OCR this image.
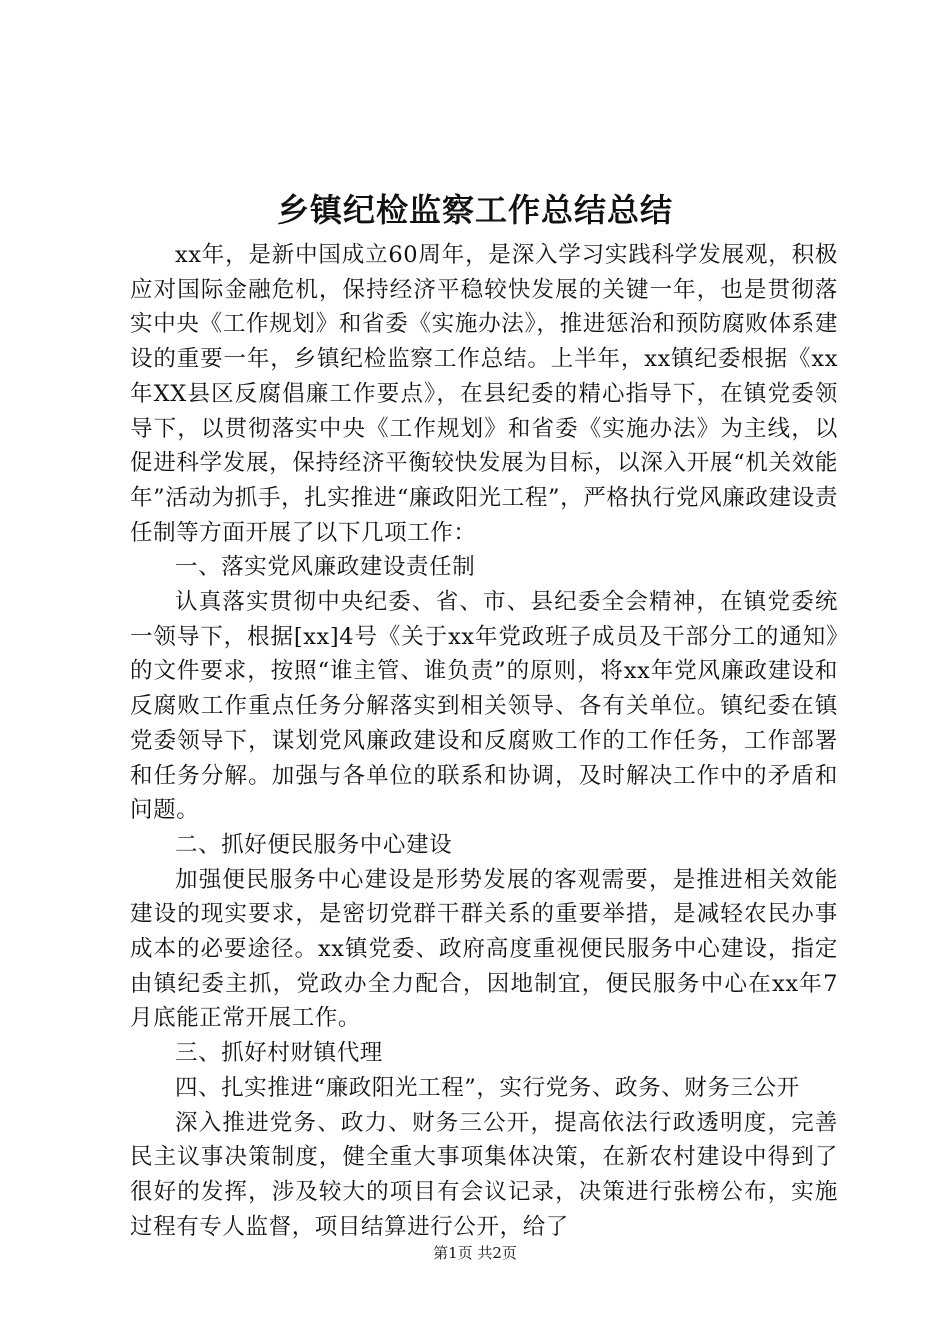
乡镇纪检监察工作总结总结

xx年，是新中国成立60周年，是深入学习实践科学发展观，积极应对国际金融危机，保持经济平稳较快发展的关键一年，也是贯彻落实中央《工作规划》和省委《实施办法》，推进惩治和预防腐败体系建设的重要一年，乡镇纪检监察工作总结。上半年，xx镇纪委根据《xx年XX县区反腐倡廉工作要点》，在县纪委的精心指导下，在镇党委领导下，以贯彻落实中央《工作规划》和省委《实施办法》为主线，以促进科学发展，保持经济平衡较快发展为目标，以深入开展“机关效能年”活动为抓手，扎实推进“廉政阳光工程”，严格执行党风廉政建设责任制等方面开展了以下几项工作：

一、落实党风廉政建设责任制

认真落实贯彻中央纪委、省、市、县纪委全会精神，在镇党委统一领导下，根据[xx]4号《关于xx年党政班子成员及干部分工的通知》的文件要求，按照“谁主管、谁负责”的原则，将xx年党风廉政建设和反腐败工作重点任务分解落实到相关领导、各有关单位。镇纪委在镇党委领导下，谋划党风廉政建设和反腐败工作的工作任务，工作部署和任务分解。加强与各单位的联系和协调，及时解决工作中的矛盾和问题。

二、抓好便民服务中心建设

加强便民服务中心建设是形势发展的客观需要，是推进相关效能建设的现实要求，是密切党群干群关系的重要举措，是减轻农民办事成本的必要途径。xx镇党委、政府高度重视便民服务中心建设，指定由镇纪委主抓，党政办全力配合，因地制宜，便民服务中心在xx年7月底能正常开展工作。

三、抓好村财镇代理

四、扎实推进“廉政阳光工程”，实行党务、政务、财务三公开

深入推进党务、政力、财务三公开，提高依法行政透明度，完善民主议事决策制度，健全重大事项集体决策，在新农村建设中得到了很好的发挥，涉及较大的项目有会议记录，决策进行张榜公布，实施过程有专人监督，项目结算进行公开，给了

第1页 共2页
